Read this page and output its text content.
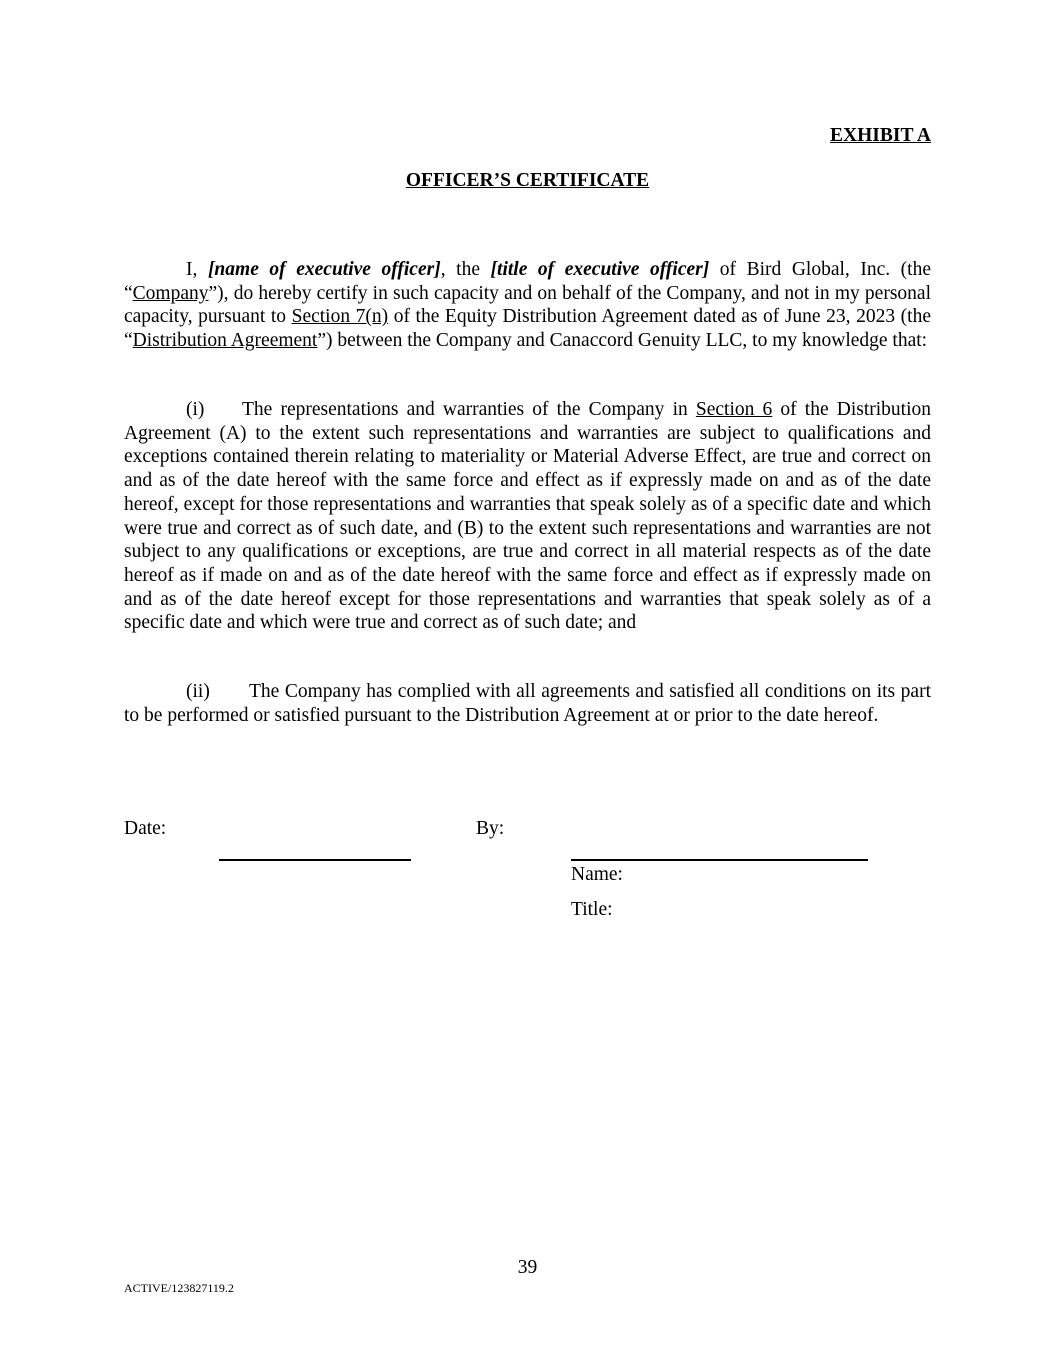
EXHIBIT A
OFFICER’S CERTIFICATE
I, [name of executive officer], the [title of executive officer] of Bird Global, Inc. (the “Company”), do hereby certify in such capacity and on behalf of the Company, and not in my personal capacity, pursuant to Section 7(n) of the Equity Distribution Agreement dated as of June 23, 2023 (the “Distribution Agreement”) between the Company and Canaccord Genuity LLC, to my knowledge that:
(i) The representations and warranties of the Company in Section 6 of the Distribution Agreement (A) to the extent such representations and warranties are subject to qualifications and exceptions contained therein relating to materiality or Material Adverse Effect, are true and correct on and as of the date hereof with the same force and effect as if expressly made on and as of the date hereof, except for those representations and warranties that speak solely as of a specific date and which were true and correct as of such date, and (B) to the extent such representations and warranties are not subject to any qualifications or exceptions, are true and correct in all material respects as of the date hereof as if made on and as of the date hereof with the same force and effect as if expressly made on and as of the date hereof except for those representations and warranties that speak solely as of a specific date and which were true and correct as of such date; and
(ii) The Company has complied with all agreements and satisfied all conditions on its part to be performed or satisfied pursuant to the Distribution Agreement at or prior to the date hereof.
Date:	By:
Name:
Title:
39
ACTIVE/123827119.2
